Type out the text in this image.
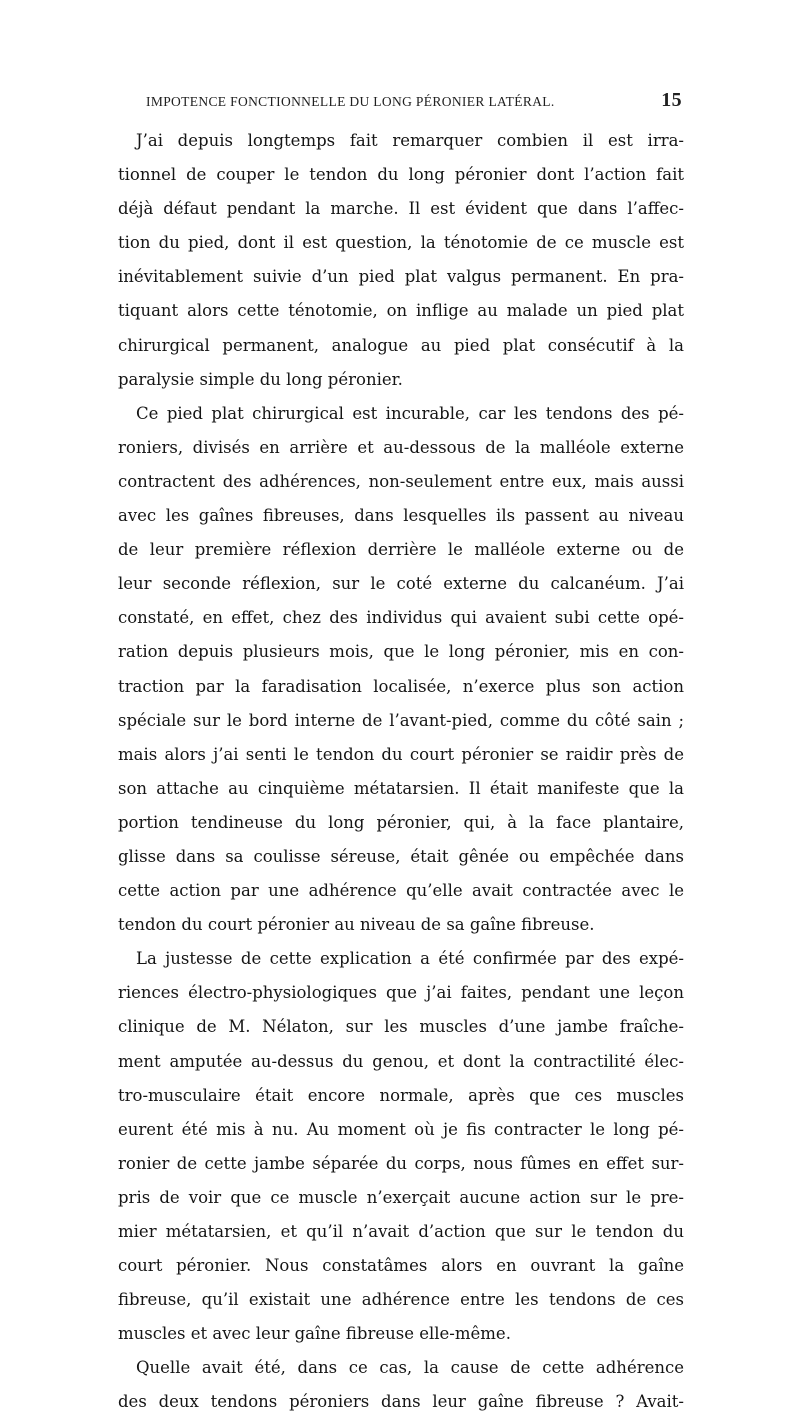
IMPOTENCE FONCTIONNELLE DU LONG PÉRONIER LATÉRAL.	15
J’ai depuis longtemps fait remarquer combien il est irra-
tionnel de couper le tendon du long péronier dont l’action fait
déjà défaut pendant la marche. Il est évident que dans l’affec-
tion du pied, dont il est question, la ténotomie de ce muscle est
inévitablement suivie d’un pied plat valgus permanent. En pra-
tiquant alors cette ténotomie, on inflige au malade un pied plat
chirurgical permanent, analogue au pied plat consécutif à la
paralysie simple du long péronier.
Ce pied plat chirurgical est incurable, car les tendons des pé-
roniers, divisés en arrière et au-dessous de la malléole externe
contractent des adhérences, non-seulement entre eux, mais aussi
avec les gaînes fibreuses, dans lesquelles ils passent au niveau
de leur première réflexion derrière le malléole externe ou de
leur seconde réflexion, sur le coté externe du calcanéum. J’ai
constaté, en effet, chez des individus qui avaient subi cette opé-
ration depuis plusieurs mois, que le long péronier, mis en con-
traction par la faradisation localisée, n’exerce plus son action
spéciale sur le bord interne de l’avant-pied, comme du côté sain ;
mais alors j’ai senti le tendon du court péronier se raidir près de
son attache au cinquième métatarsien. Il était manifeste que la
portion tendineuse du long péronier, qui, à la face plantaire,
glisse dans sa coulisse séreuse, était gênée ou empêchée dans
cette action par une adhérence qu’elle avait contractée avec le
tendon du court péronier au niveau de sa gaîne fibreuse.
La justesse de cette explication a été confirmée par des expé-
riences électro-physiologiques que j’ai faites, pendant une leçon
clinique de M. Nélaton, sur les muscles d’une jambe fraîche-
ment amputée au-dessus du genou, et dont la contractilité élec-
tro-musculaire était encore normale, après que ces muscles
eurent été mis à nu. Au moment où je fis contracter le long pé-
ronier de cette jambe séparée du corps, nous fûmes en effet sur-
pris de voir que ce muscle n’exerçait aucune action sur le pre-
mier métatarsien, et qu’il n’avait d’action que sur le tendon du
court péronier. Nous constatâmes alors en ouvrant la gaîne
fibreuse, qu’il existait une adhérence entre les tendons de ces
muscles et avec leur gaîne fibreuse elle-même.
Quelle avait été, dans ce cas, la cause de cette adhérence
des deux tendons péroniers dans leur gaîne fibreuse ? Avait-
